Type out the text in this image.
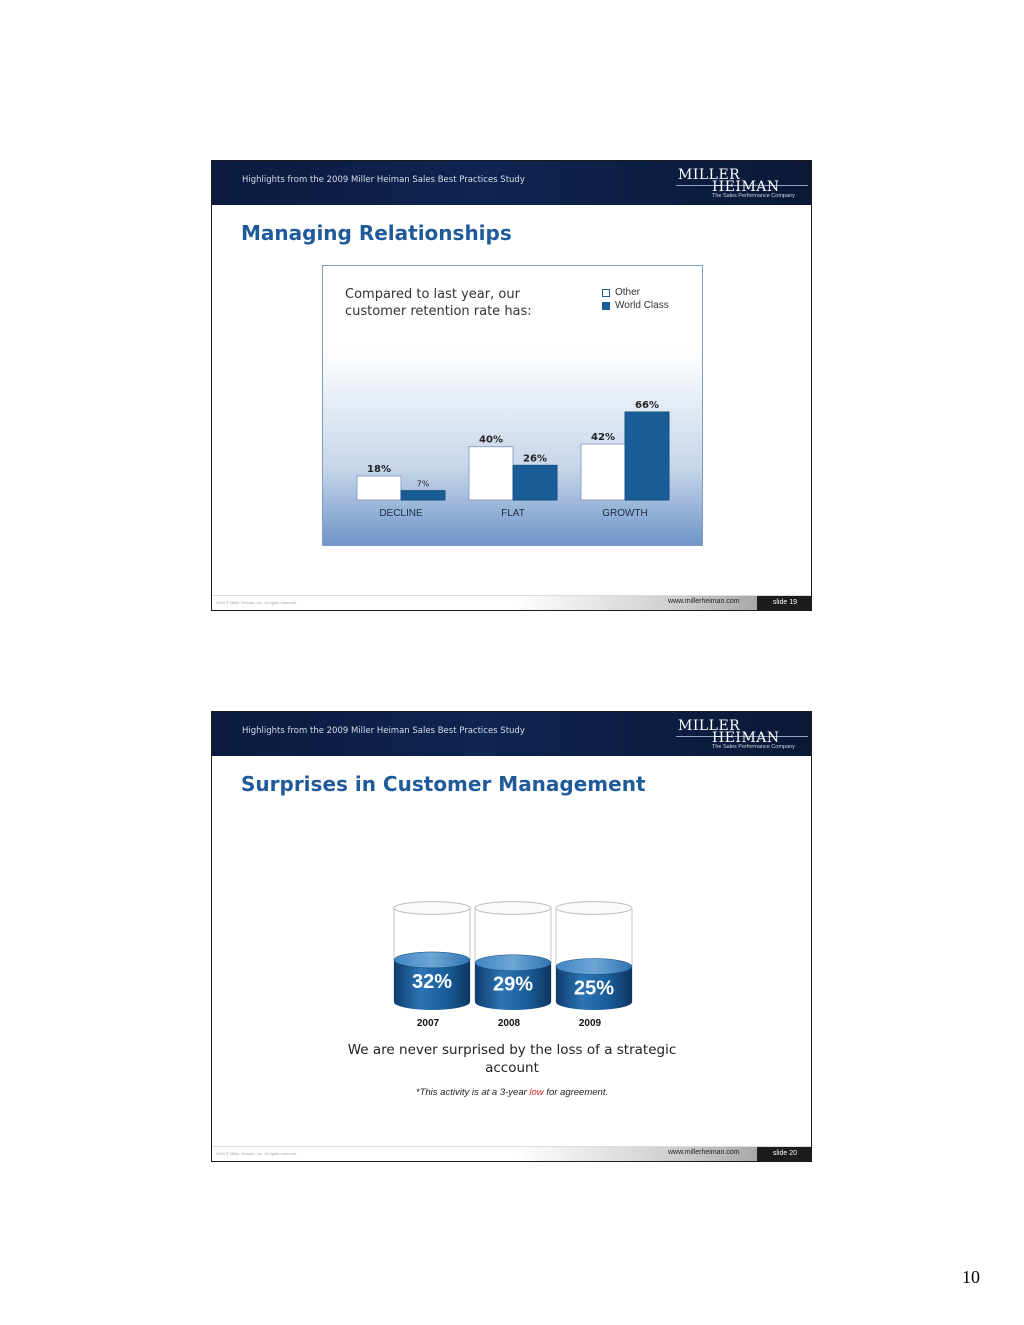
Highlights from the 2009 Miller Heiman Sales Best Practices Study	MILLER
HEIMAN
The Sales Performance Company
Managing Relationships
Compared to last year, our customer retention rate has:
Other
World Class
18%
7%
DECLINE
40%
26%
FLAT
42%
66%
GROWTH
2009 © Miller Heiman, Inc. All rights reserved.	www.millerheiman.com	slide 19
Highlights from the 2009 Miller Heiman Sales Best Practices Study	MILLER
HEIMAN
The Sales Performance Company
Surprises in Customer Management
32%
2007
29%
2008
25%
2009
We are never surprised by the loss of a strategic account
*This activity is at a 3-year low for agreement.
2009 © Miller Heiman, Inc. All rights reserved.	www.millerheiman.com	slide 20
10
